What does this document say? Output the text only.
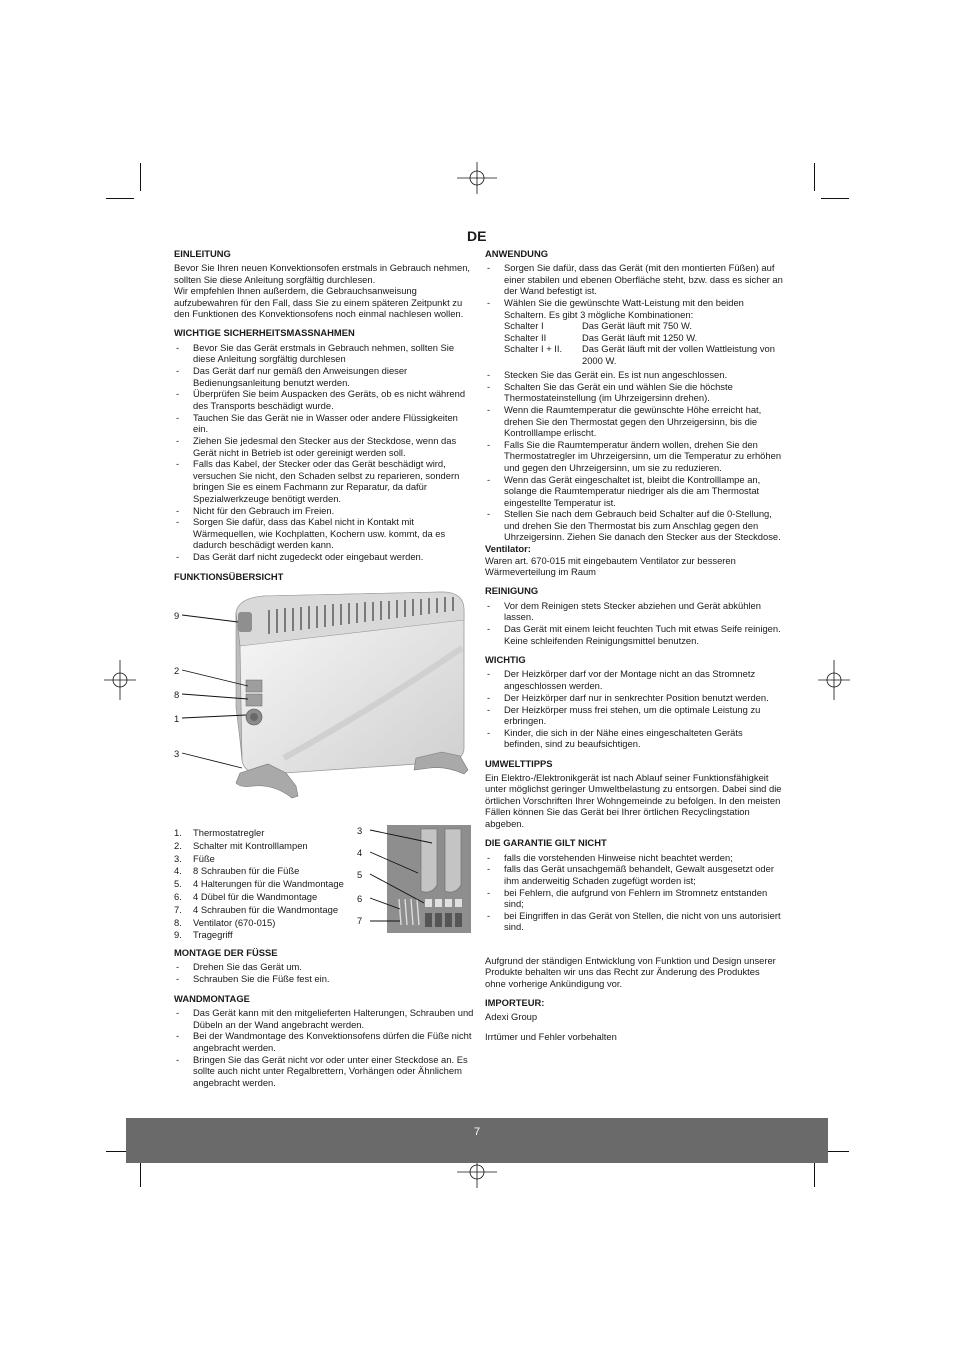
DE
EINLEITUNG

Bevor Sie Ihren neuen Konvektionsofen erstmals in Gebrauch nehmen, sollten Sie diese Anleitung sorgfältig durchlesen.

Wir empfehlen Ihnen außerdem, die Gebrauchsanweisung aufzubewahren für den Fall, dass Sie zu einem späteren Zeitpunkt zu den Funktionen des Konvektionsofens noch einmal nachlesen wollen.

WICHTIGE SICHERHEITSMASSNAHMEN
- Bevor Sie das Gerät erstmals in Gebrauch nehmen, sollten Sie diese Anleitung sorgfältig durchlesen
- Das Gerät darf nur gemäß den Anweisungen dieser Bedienungsanleitung benutzt werden.
- Überprüfen Sie beim Auspacken des Geräts, ob es nicht während des Transports beschädigt wurde.
- Tauchen Sie das Gerät nie in Wasser oder andere Flüssigkeiten ein.
- Ziehen Sie jedesmal den Stecker aus der Steckdose, wenn das Gerät nicht in Betrieb ist oder gereinigt werden soll.
- Falls das Kabel, der Stecker oder das Gerät beschädigt wird, versuchen Sie nicht, den Schaden selbst zu reparieren, sondern bringen Sie es einem Fachmann zur Reparatur, da dafür Spezialwerkzeuge benötigt werden.
- Nicht für den Gebrauch im Freien.
- Sorgen Sie dafür, dass das Kabel nicht in Kontakt mit Wärmequellen, wie Kochplatten, Kochern usw. kommt, da es dadurch beschädigt werden kann.
- Das Gerät darf nicht zugedeckt oder eingebaut werden.
FUNKTIONSÜBERSICHT
9
2
8
1
3
1.	Thermostatregler
2.	Schalter mit Kontrolllampen
3.	Füße
4.	8 Schrauben für die Füße
5.	4 Halterungen für die Wandmontage
6.	4 Dübel für die Wandmontage
7.	4 Schrauben für die Wandmontage
8.	Ventilator (670-015)
9.	Tragegriff
3
4
5
6
7
MONTAGE DER FÜSSE
- Drehen Sie das Gerät um.
- Schrauben Sie die Füße fest ein.
WANDMONTAGE
- Das Gerät kann mit den mitgelieferten Halterungen, Schrauben und Dübeln an der Wand angebracht werden.
- Bei der Wandmontage des Konvektionsofens dürfen die Füße nicht angebracht werden.
- Bringen Sie das Gerät nicht vor oder unter einer Steckdose an. Es sollte auch nicht unter Regalbrettern, Vorhängen oder Ähnlichem angebracht werden.
ANWENDUNG
- Sorgen Sie dafür, dass das Gerät (mit den montierten Füßen) auf einer stabilen und ebenen Oberfläche steht, bzw. dass es sicher an der Wand befestigt ist.
- Wählen Sie die gewünschte Watt-Leistung mit den beiden Schaltern. Es gibt 3 mögliche Kombinationen:
Schalter I	Das Gerät läuft mit 750 W.
Schalter II	Das Gerät läuft mit 1250 W.
Schalter I + II.	Das Gerät läuft mit der vollen Wattleistung von 2000 W.
- Stecken Sie das Gerät ein. Es ist nun angeschlossen.
- Schalten Sie das Gerät ein und wählen Sie die höchste Thermostateinstellung (im Uhrzeigersinn drehen).
- Wenn die Raumtemperatur die gewünschte Höhe erreicht hat, drehen Sie den Thermostat gegen den Uhrzeigersinn, bis die Kontrolllampe erlischt.
- Falls Sie die Raumtemperatur ändern wollen, drehen Sie den Thermostatregler im Uhrzeigersinn, um die Temperatur zu erhöhen und gegen den Uhrzeigersinn, um sie zu reduzieren.
- Wenn das Gerät eingeschaltet ist, bleibt die Kontrolllampe an, solange die Raumtemperatur niedriger als die am Thermostat eingestellte Temperatur ist.
- Stellen Sie nach dem Gebrauch beid Schalter auf die 0-Stellung, und drehen Sie den Thermostat bis zum Anschlag gegen den Uhrzeigersinn. Ziehen Sie danach den Stecker aus der Steckdose.

Ventilator:

Waren art. 670-015 mit eingebautem Ventilator zur besseren Wärmeverteilung im Raum

REINIGUNG
- Vor dem Reinigen stets Stecker abziehen und Gerät abkühlen lassen.
- Das Gerät mit einem leicht feuchten Tuch mit etwas Seife reinigen. Keine schleifenden Reinigungsmittel benutzen.
WICHTIG
- Der Heizkörper darf vor der Montage nicht an das Stromnetz angeschlossen werden.
- Der Heizkörper darf nur in senkrechter Position benutzt werden.
- Der Heizkörper muss frei stehen, um die optimale Leistung zu erbringen.
- Kinder, die sich in der Nähe eines eingeschalteten Geräts befinden, sind zu beaufsichtigen.
UMWELTTIPPS

Ein Elektro-/Elektronikgerät ist nach Ablauf seiner Funktionsfähigkeit unter möglichst geringer Umweltbelastung zu entsorgen. Dabei sind die örtlichen Vorschriften Ihrer Wohngemeinde zu befolgen. In den meisten Fällen können Sie das Gerät bei Ihrer örtlichen Recyclingstation abgeben.

DIE GARANTIE GILT NICHT
- falls die vorstehenden Hinweise nicht beachtet werden;
- falls das Gerät unsachgemäß behandelt, Gewalt ausgesetzt oder ihm anderweitig Schaden zugefügt worden ist;
- bei Fehlern, die aufgrund von Fehlern im Stromnetz entstanden sind;
- bei Eingriffen in das Gerät von Stellen, die nicht von uns autorisiert sind.

Aufgrund der ständigen Entwicklung von Funktion und Design unserer Produkte behalten wir uns das Recht zur Änderung des Produktes ohne vorherige Ankündigung vor.

IMPORTEUR:

Adexi Group

Irrtümer und Fehler vorbehalten

7
